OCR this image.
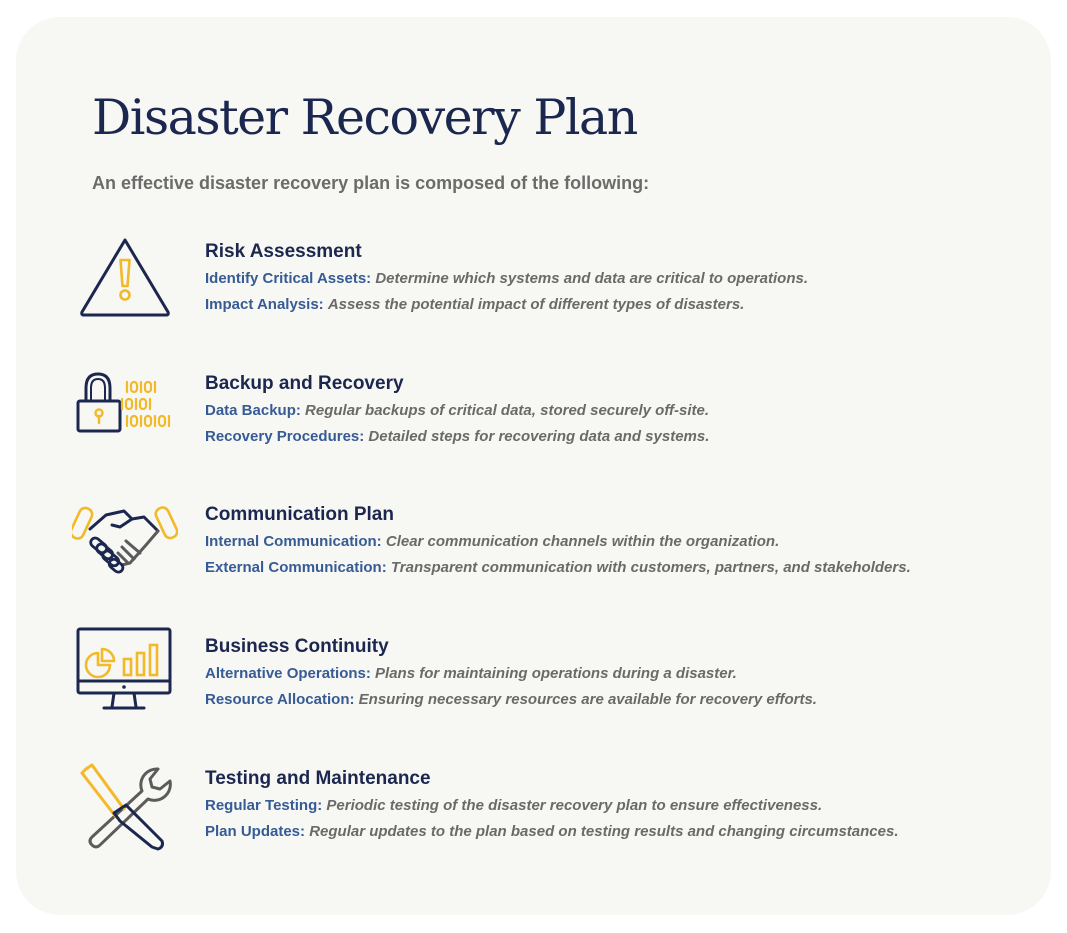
Disaster Recovery Plan

An effective disaster recovery plan is composed of the following:

Risk Assessment

Identify Critical Assets: Determine which systems and data are critical to operations.

Impact Analysis: Assess the potential impact of different types of disasters.

Backup and Recovery

Data Backup: Regular backups of critical data, stored securely off-site.

Recovery Procedures: Detailed steps for recovering data and systems.

Communication Plan

Internal Communication: Clear communication channels within the organization.

External Communication: Transparent communication with customers, partners, and stakeholders.

Business Continuity

Alternative Operations: Plans for maintaining operations during a disaster.

Resource Allocation: Ensuring necessary resources are available for recovery efforts.

Testing and Maintenance

Regular Testing: Periodic testing of the disaster recovery plan to ensure effectiveness.

Plan Updates: Regular updates to the plan based on testing results and changing circumstances.
